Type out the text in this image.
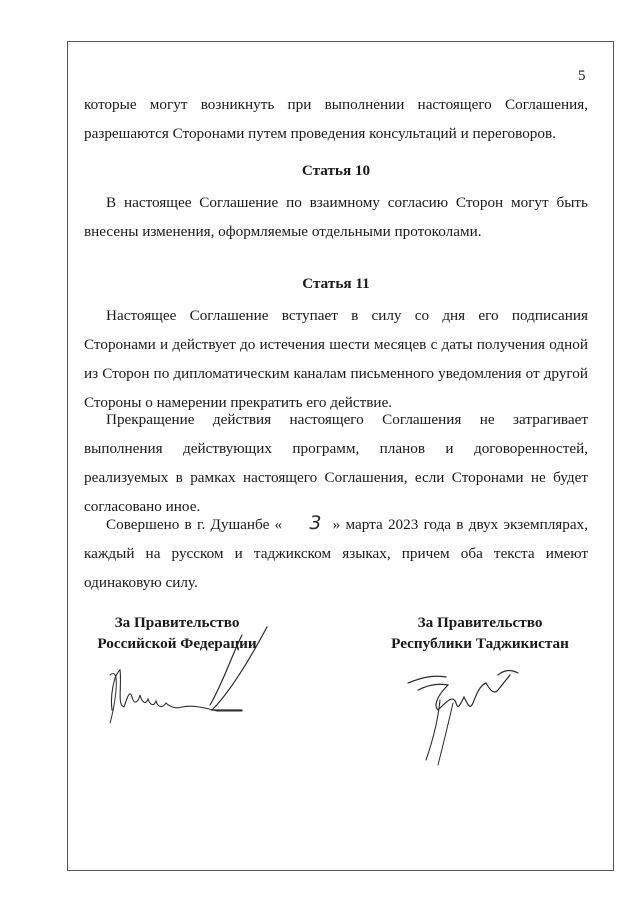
5
которые могут возникнуть при выполнении настоящего Соглашения,
разрешаются Сторонами путем проведения консультаций и переговоров.
Статья 10
В настоящее Соглашение по взаимному согласию Сторон могут быть
внесены изменения, оформляемые отдельными протоколами.
Статья 11
Настоящее Соглашение вступает в силу со дня его подписания
Сторонами и действует до истечения шести месяцев с даты получения одной
из Сторон по дипломатическим каналам письменного уведомления от другой
Стороны о намерении прекратить его действие.
Прекращение действия настоящего Соглашения не затрагивает
выполнения действующих программ, планов и договоренностей,
реализуемых в рамках настоящего Соглашения, если Сторонами не будет
согласовано иное.
Совершено в г. Душанбе « 3 » марта 2023 года в двух экземплярах,
каждый на русском и таджикском языках, причем оба текста имеют
одинаковую силу.
За Правительство
Российской Федерации
За Правительство
Республики Таджикистан
